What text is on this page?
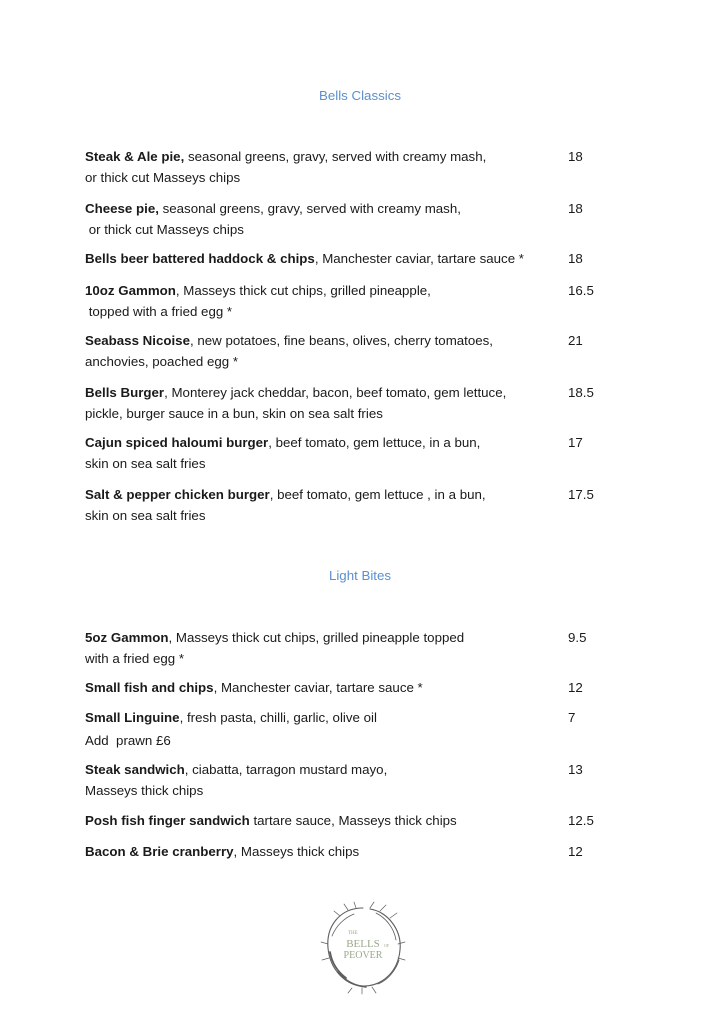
Bells Classics
Light Bites
Steak & Ale pie, seasonal greens, gravy, served with creamy mash,
or thick cut Masseys chips
18
Cheese pie, seasonal greens, gravy, served with creamy mash,
or thick cut Masseys chips
18
Bells beer battered haddock & chips, Manchester caviar, tartare sauce *	18
10oz Gammon, Masseys thick cut chips, grilled pineapple,
topped with a fried egg *
16.5
Seabass Nicoise, new potatoes, fine beans, olives, cherry tomatoes,
anchovies, poached egg *
21
Bells Burger, Monterey jack cheddar, bacon, beef tomato, gem lettuce,
pickle, burger sauce in a bun, skin on sea salt fries
18.5
Cajun spiced haloumi burger, beef tomato, gem lettuce, in a bun,
skin on sea salt fries
17
Salt & pepper chicken burger, beef tomato, gem lettuce , in a bun,
skin on sea salt fries
17.5
5oz Gammon, Masseys thick cut chips, grilled pineapple topped
with a fried egg *
9.5
Small fish and chips, Manchester caviar, tartare sauce *	12
Small Linguine, fresh pasta, chilli, garlic, olive oil
Add  prawn £6
7
Steak sandwich, ciabatta, tarragon mustard mayo,
Masseys thick chips
13
Posh fish finger sandwich tartare sauce, Masseys thick chips	12.5
Bacon & Brie cranberry, Masseys thick chips	12
THE
BELLS OF
PEOVER
